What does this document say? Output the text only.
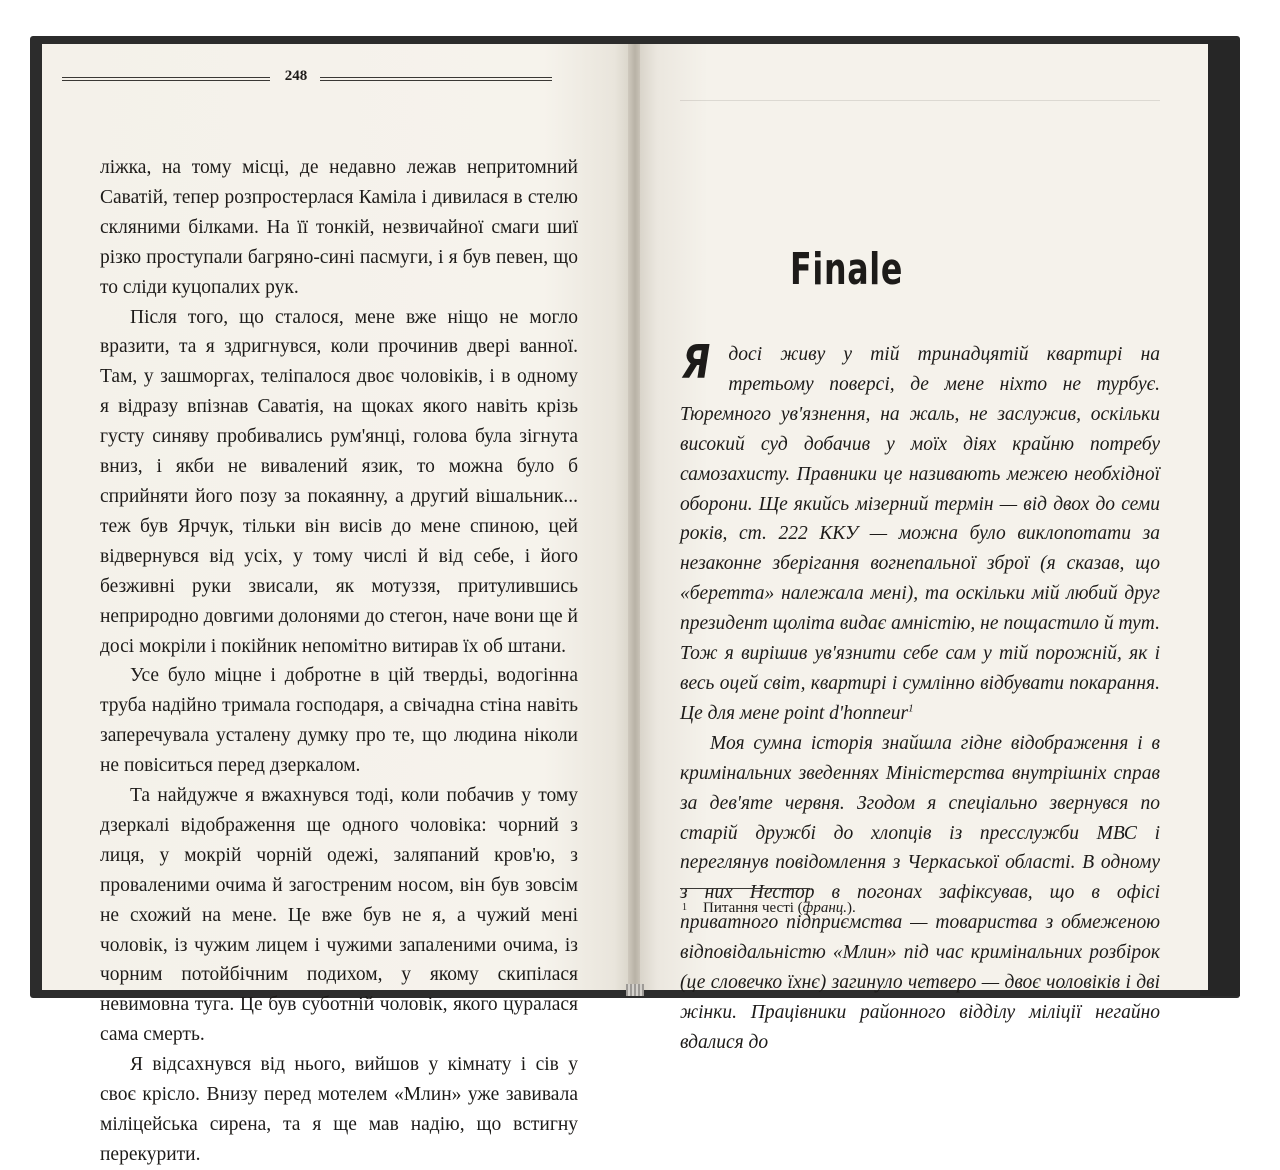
248

ліжка, на тому місці, де недавно лежав непритомний Саватій, тепер розпростерлася Каміла і дивилася в стелю скляними білками. На її тонкій, незвичайної смаги шиї різко проступали багряно-сині пасмуги, і я був певен, що то сліди куцопалих рук.

Після того, що сталося, мене вже ніщо не могло вразити, та я здригнувся, коли прочинив двері ванної. Там, у зашморгах, теліпалося двоє чоловіків, і в одному я відразу впізнав Саватія, на щоках якого навіть крізь густу синяву пробивались рум'янці, голова була зігнута вниз, і якби не вивалений язик, то можна було б сприйняти його позу за покаянну, а другий вішальник... теж був Ярчук, тільки він висів до мене спиною, цей відвернувся від усіх, у тому числі й від себе, і його безживні руки звисали, як мотуззя, притулившись неприродно довгими долонями до стегон, наче вони ще й досі мокріли і покійник непомітно витирав їх об штани.

Усе було міцне і добротне в цій твердьі, водогінна труба надійно тримала господаря, а свічадна стіна навіть заперечувала усталену думку про те, що людина ніколи не повіситься перед дзеркалом.

Та найдужче я вжахнувся тоді, коли побачив у тому дзеркалі відображення ще одного чоловіка: чорний з лиця, у мокрій чорній одежі, заляпаний кров'ю, з проваленими очима й загостреним носом, він був зовсім не схожий на мене. Це вже був не я, а чужий мені чоловік, із чужим лицем і чужими запаленими очима, із чорним потойбічним подихом, у якому скипілася невимовна туга. Це був суботній чоловік, якого цуралася сама смерть.

Я відсахнувся від нього, вийшов у кімнату і сів у своє крісло. Внизу перед мотелем «Млин» уже завивала міліцейська сирена, та я ще мав надію, що встигну перекурити.

Finale

Ядосі живу у тій тринадцятій квартирі на третьому поверсі, де мене ніхто не турбує. Тюремного ув'язнення, на жаль, не заслужив, оскільки високий суд добачив у моїх діях крайню потребу самозахисту. Правники це називають межею необхідної оборони. Ще якийсь мізерний термін — від двох до семи років, ст. 222 ККУ — можна було виклопотати за незаконне зберігання вогнепальної зброї (я сказав, що «беретта» належала мені), та оскільки мій любий друг президент щоліта видає амністію, не пощастило й тут. Тож я вирішив ув'язнити себе сам у тій порожній, як і весь оцей світ, квартирі і сумлінно відбувати покарання. Це для мене point d'honneur$^1$

Моя сумна історія знайшла гідне відображення і в кримінальних зведеннях Міністерства внутрішніх справ за дев'яте червня. Згодом я спеціально звернувся по старій дружбі до хлопців із пресслужби МВС і переглянув повідомлення з Черкаської області. В одному з них Нестор в погонах зафіксував, що в офісі приватного підприємства — товариства з обмеженою відповідальністю «Млин» під час кримінальних розбірок (це словечко їхнє) загинуло четверо — двоє чоловіків і дві жінки. Працівники районного відділу міліції негайно вдалися до

$^1$ Питання честі (франц.).
